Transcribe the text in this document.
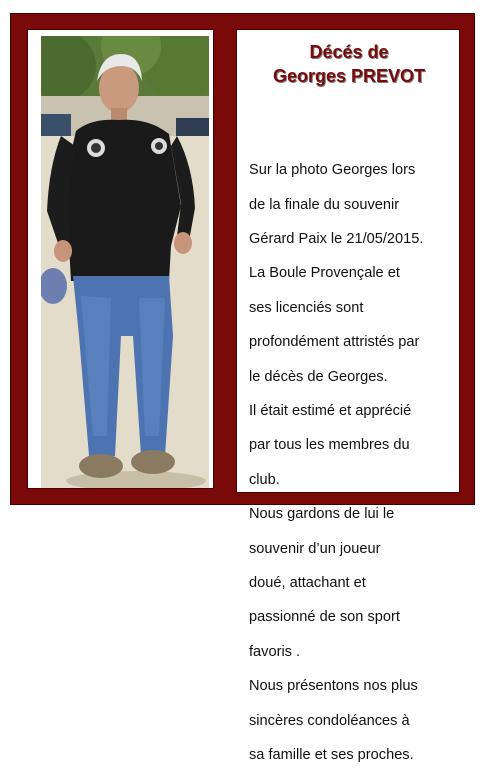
Décés de
Georges PREVOT

Sur la photo Georges lors

de la finale du souvenir

Gérard Paix le 21/05/2015.

La Boule Provençale et

ses licenciés sont

profondément attristés par

le décès de Georges.

Il était estimé et apprécié

par tous les membres du

club.

Nous gardons de lui le

souvenir d’un joueur

doué, attachant et

passionné de son sport

favoris .

Nous présentons nos plus

sincères condoléances à

sa famille et ses proches.
